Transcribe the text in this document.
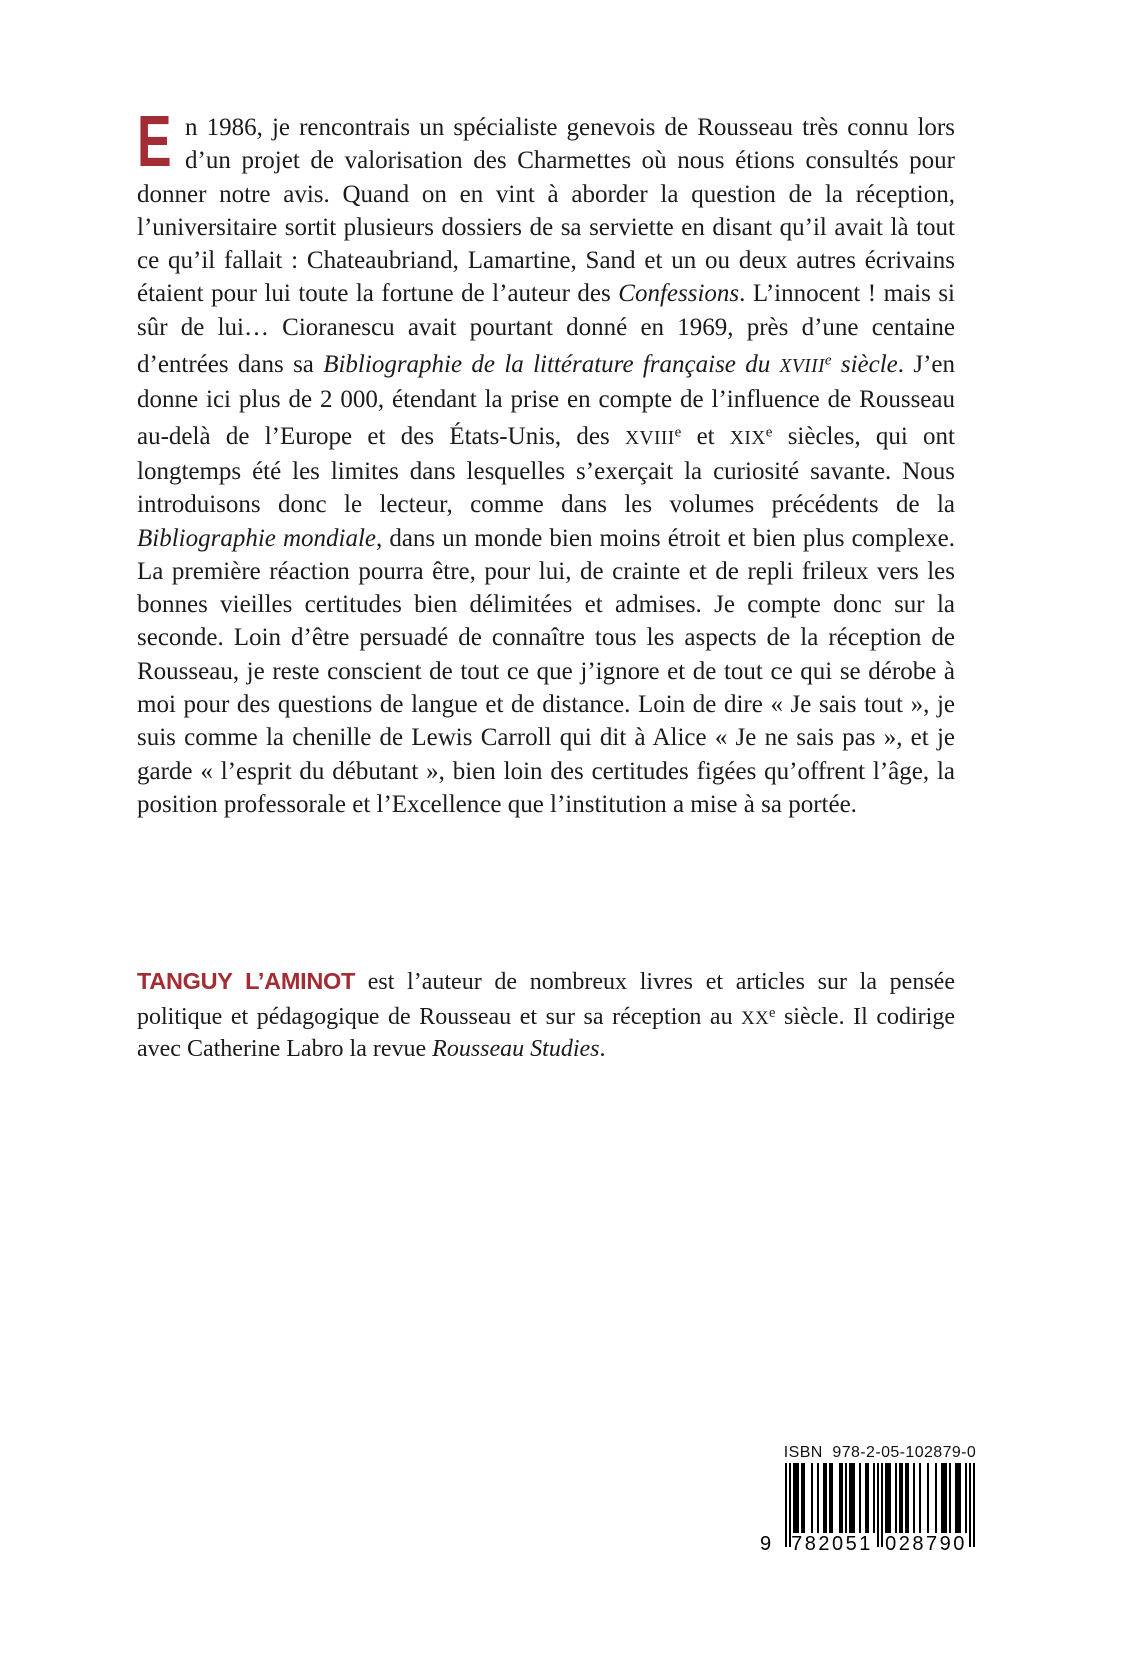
En 1986, je rencontrais un spécialiste genevois de Rousseau très connu lors d’un projet de valorisation des Charmettes où nous étions consultés pour donner notre avis. Quand on en vint à aborder la question de la réception, l’universitaire sortit plusieurs dossiers de sa serviette en disant qu’il avait là tout ce qu’il fallait : Chateaubriand, Lamartine, Sand et un ou deux autres écrivains étaient pour lui toute la fortune de l’auteur des Confessions. L’innocent ! mais si sûr de lui… Cioranescu avait pourtant donné en 1969, près d’une centaine d’entrées dans sa Bibliographie de la littérature française du XVIIIe siècle. J’en donne ici plus de 2 000, étendant la prise en compte de l’influence de Rousseau au-delà de l’Europe et des États-Unis, des XVIIIe et XIXe siècles, qui ont longtemps été les limites dans lesquelles s’exerçait la curiosité savante. Nous introduisons donc le lecteur, comme dans les volumes précédents de la Bibliographie mondiale, dans un monde bien moins étroit et bien plus complexe. La première réaction pourra être, pour lui, de crainte et de repli frileux vers les bonnes vieilles certitudes bien délimitées et admises. Je compte donc sur la seconde. Loin d’être persuadé de connaître tous les aspects de la réception de Rousseau, je reste conscient de tout ce que j’ignore et de tout ce qui se dérobe à moi pour des questions de langue et de distance. Loin de dire « Je sais tout », je suis comme la chenille de Lewis Carroll qui dit à Alice « Je ne sais pas », et je garde « l’esprit du débutant », bien loin des certitudes figées qu’offrent l’âge, la position professorale et l’Excellence que l’institution a mise à sa portée.

TANGUY L’AMINOT est l’auteur de nombreux livres et articles sur la pensée politique et pédagogique de Rousseau et sur sa réception au XXe siècle. Il codirige avec Catherine Labro la revue Rousseau Studies.

ISBN  978-2-05-102879-0
9 782051 028790
